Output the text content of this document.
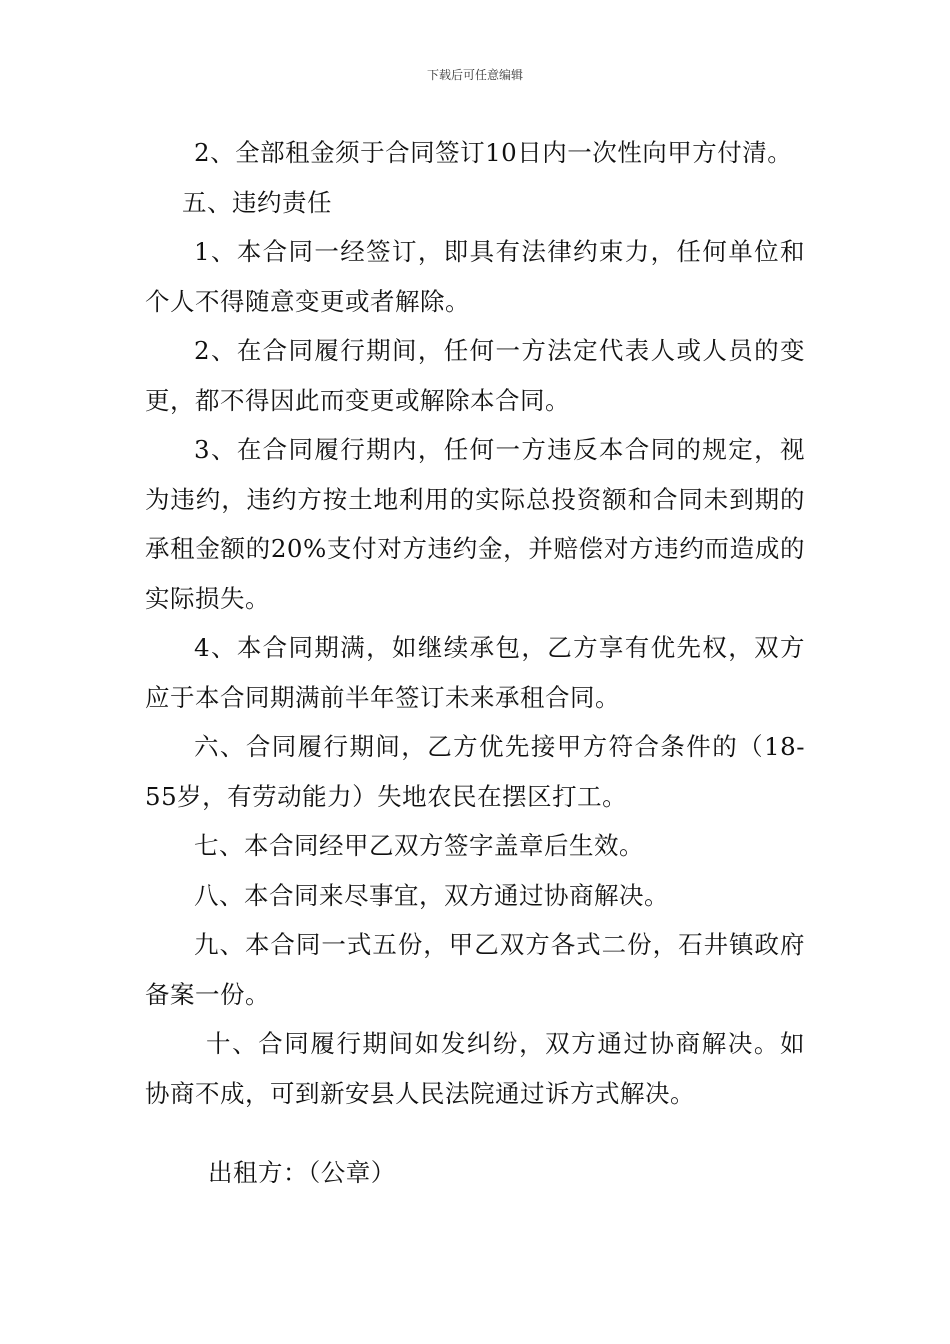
下载后可任意编辑

2、全部租金须于合同签订10日内一次性向甲方付清。

五、违约责任

1、本合同一经签订，即具有法律约束力，任何单位和个人不得随意变更或者解除。

2、在合同履行期间，任何一方法定代表人或人员的变更，都不得因此而变更或解除本合同。

3、在合同履行期内，任何一方违反本合同的规定，视为违约，违约方按土地利用的实际总投资额和合同未到期的承租金额的20%支付对方违约金，并赔偿对方违约而造成的实际损失。

4、本合同期满，如继续承包，乙方享有优先权，双方应于本合同期满前半年签订未来承租合同。

六、合同履行期间，乙方优先接甲方符合条件的（18-55岁，有劳动能力）失地农民在摆区打工。

七、本合同经甲乙双方签字盖章后生效。

八、本合同来尽事宜，双方通过协商解决。

九、本合同一式五份，甲乙双方各式二份，石井镇政府备案一份。

十、合同履行期间如发纠纷，双方通过协商解决。如协商不成，可到新安县人民法院通过诉方式解决。

出租方：（公章）
